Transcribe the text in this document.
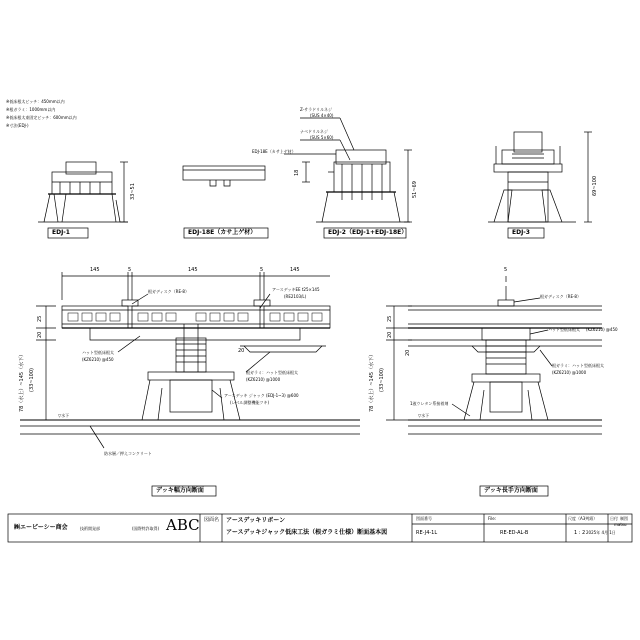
※低床根太ピッチ：450mm以内
※根ガラミ：1000mm以内
※低床根太束固定ピッチ：600mm以内
※寸法(EDJ-)
EDJ-1
33~51
EDJ-18E（カサ上ゲ材）	EDJ-2（EDJ-1+EDJ-18E）
51~69
18
Z-サラドリルネジ
(SUS 4×40)
ナベドリルネジ
(SUS 5×60)
EDJ-18E（カサ上ゲ材）
EDJ-3
69~100
145	5	145	5	145
25
20
20
78（水上）~145（水下） (33~100)
▽水下
根ガディスク（RE-8）	アースデッキEE t25×145
(RE2103/L)
ハット型低床根太
(KZ6210) @450
根ガラミ：ハット型低床根太
(KZ6210) @1000
アースデッキ ジャック (EDJ-1~3) @600
(レベル調整機能ツキ)
防水層／押えコンクリート
デッキ幅方向断面
5
25
20
20
78（水上）~145（水下） (33~100)
▽水下
根ガディスク（RE-8）
ハット型低床根太 (KZ6210) @450
根ガラミ：ハット型低床根太
(KZ6210) @1000
1液ウレタン系接着剤
デッキ長手方向断面
㈱エーピーシー商会	技術開発部	(国際特許取得) ABC 図面名 アースデッキリボーン
アースデッキジャック低床工法（根ガラミ仕様）断面基本図
図面番号
RE-J4-1L
File:
RE-ED-AL-B
尺度（A3判紙）
1 : 2
日付
2025年 4月 1日
制図
matsu
